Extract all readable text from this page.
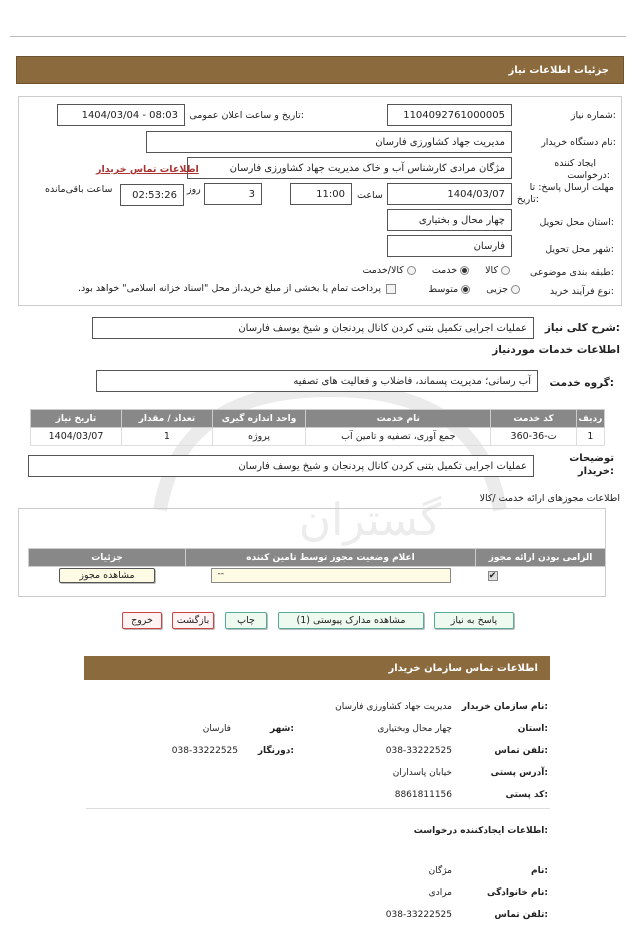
جزئیات اطلاعات نیاز
گستران
شماره نیاز:
1104092761000005
تاریخ و ساعت اعلان عمومی:
1404/03/04 - 08:03
نام دستگاه خریدار:
مدیریت جهاد کشاورزی فارسان
ایجاد کننده
درخواست:
مژگان مرادی کارشناس آب و خاک مدیریت جهاد کشاورزی فارسان
اطلاعات تماس خریدار
مهلت ارسال پاسخ: تا
تاریخ:
1404/03/07
ساعت
11:00
3
روز
02:53:26
ساعت باقی‌مانده
استان محل تحویل:
چهار محال و بختیاری
شهر محل تحویل:
فارسان
طبقه بندی موضوعی:
کالا
خدمت
کالا/خدمت
نوع فرآیند خرید:
جزیی
متوسط
پرداخت تمام یا بخشی از مبلغ خرید،از محل "اسناد خزانه اسلامی" خواهد بود.
شرح کلی نیاز:
عملیات اجرایی تکمیل بتنی کردن کانال پردنجان و شیخ یوسف فارسان
اطلاعات خدمات موردنیاز
گروه خدمت:
آب رسانی؛ مدیریت پسماند، فاضلاب و فعالیت های تصفیه
ردیف	کد خدمت	نام خدمت	واحد اندازه گیری	تعداد / مقدار	تاریخ نیاز
1	ت-36-360	جمع آوری، تصفیه و تامین آب	پروژه	1	1404/03/07
توضیحات
خریدار:
عملیات اجرایی تکمیل بتنی کردن کانال پردنجان و شیخ یوسف فارسان
اطلاعات مجوزهای ارائه خدمت /کالا
الزامی بودن ارائه مجوز	اعلام وضعیت مجوز توسط تامین کننده	جزئیات
✔	--	مشاهده مجوز
پاسخ به نیاز
مشاهده مدارک پیوستی (1)
چاپ
بازگشت
خروج
اطلاعات تماس سازمان خریدار
نام سازمان خریدار:
مدیریت جهاد کشاورزی فارسان
استان:
چهار محال وبختیاری
شهر:
فارسان
تلفن تماس:
038-33222525
دورنگار:
038-33222525
آدرس پستی:
خیابان پاسداران
کد پستی:
8861811156
اطلاعات ایجادکننده درخواست:
نام:
مژگان
نام خانوادگی:
مرادی
تلفن تماس:
038-33222525
